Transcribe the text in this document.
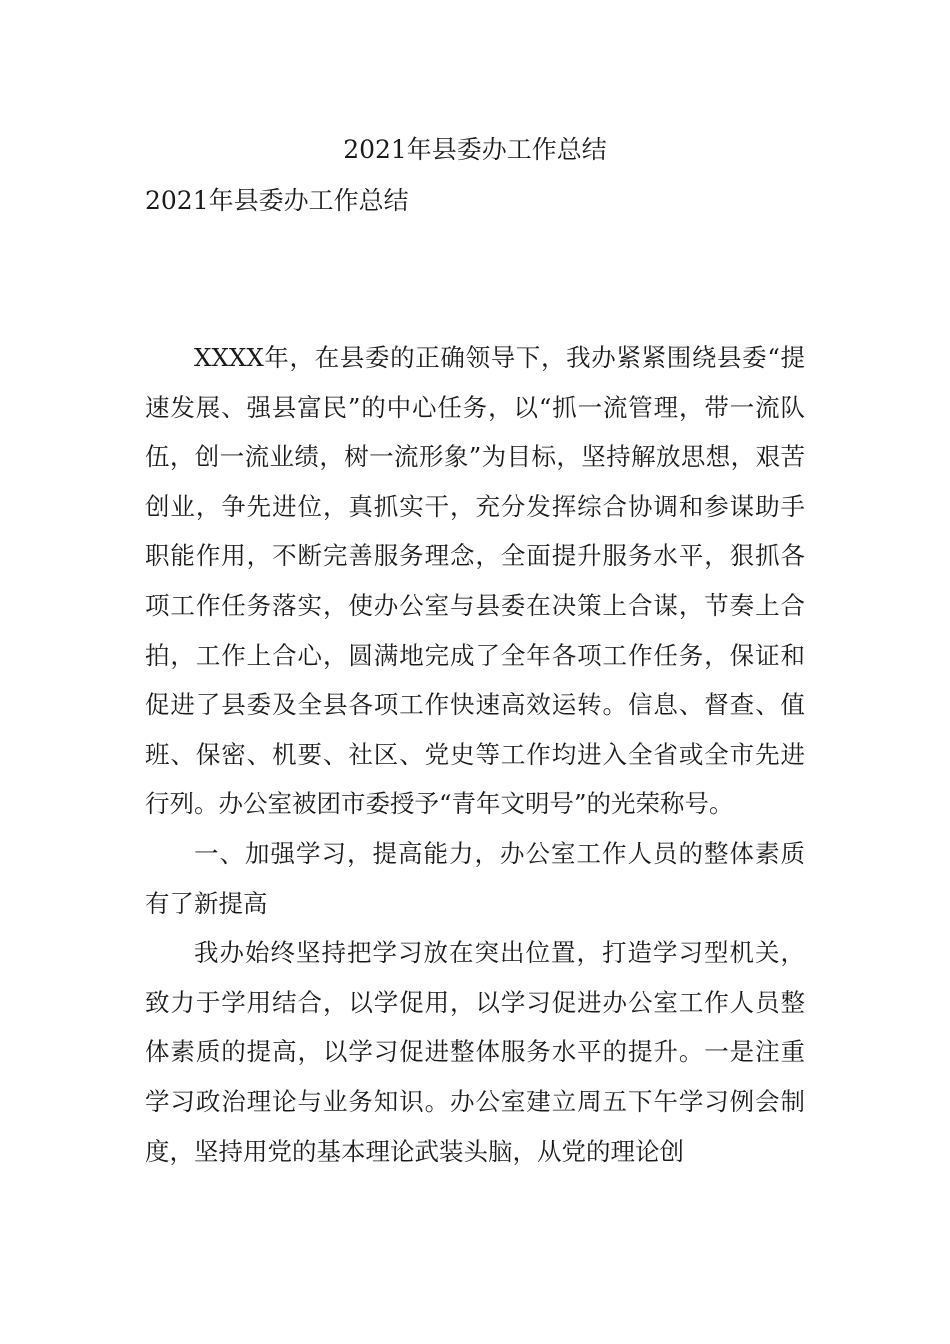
2021年县委办工作总结
2021年县委办工作总结

XXXX年，在县委的正确领导下，我办紧紧围绕县委“提速发展、强县富民”的中心任务，以“抓一流管理，带一流队伍，创一流业绩，树一流形象”为目标，坚持解放思想，艰苦创业，争先进位，真抓实干，充分发挥综合协调和参谋助手职能作用，不断完善服务理念，全面提升服务水平，狠抓各项工作任务落实，使办公室与县委在决策上合谋，节奏上合拍，工作上合心，圆满地完成了全年各项工作任务，保证和促进了县委及全县各项工作快速高效运转。信息、督查、值班、保密、机要、社区、党史等工作均进入全省或全市先进行列。办公室被团市委授予“青年文明号”的光荣称号。

一、加强学习，提高能力，办公室工作人员的整体素质有了新提高

我办始终坚持把学习放在突出位置，打造学习型机关，致力于学用结合，以学促用，以学习促进办公室工作人员整体素质的提高，以学习促进整体服务水平的提升。一是注重学习政治理论与业务知识。办公室建立周五下午学习例会制度，坚持用党的基本理论武装头脑，从党的理论创
